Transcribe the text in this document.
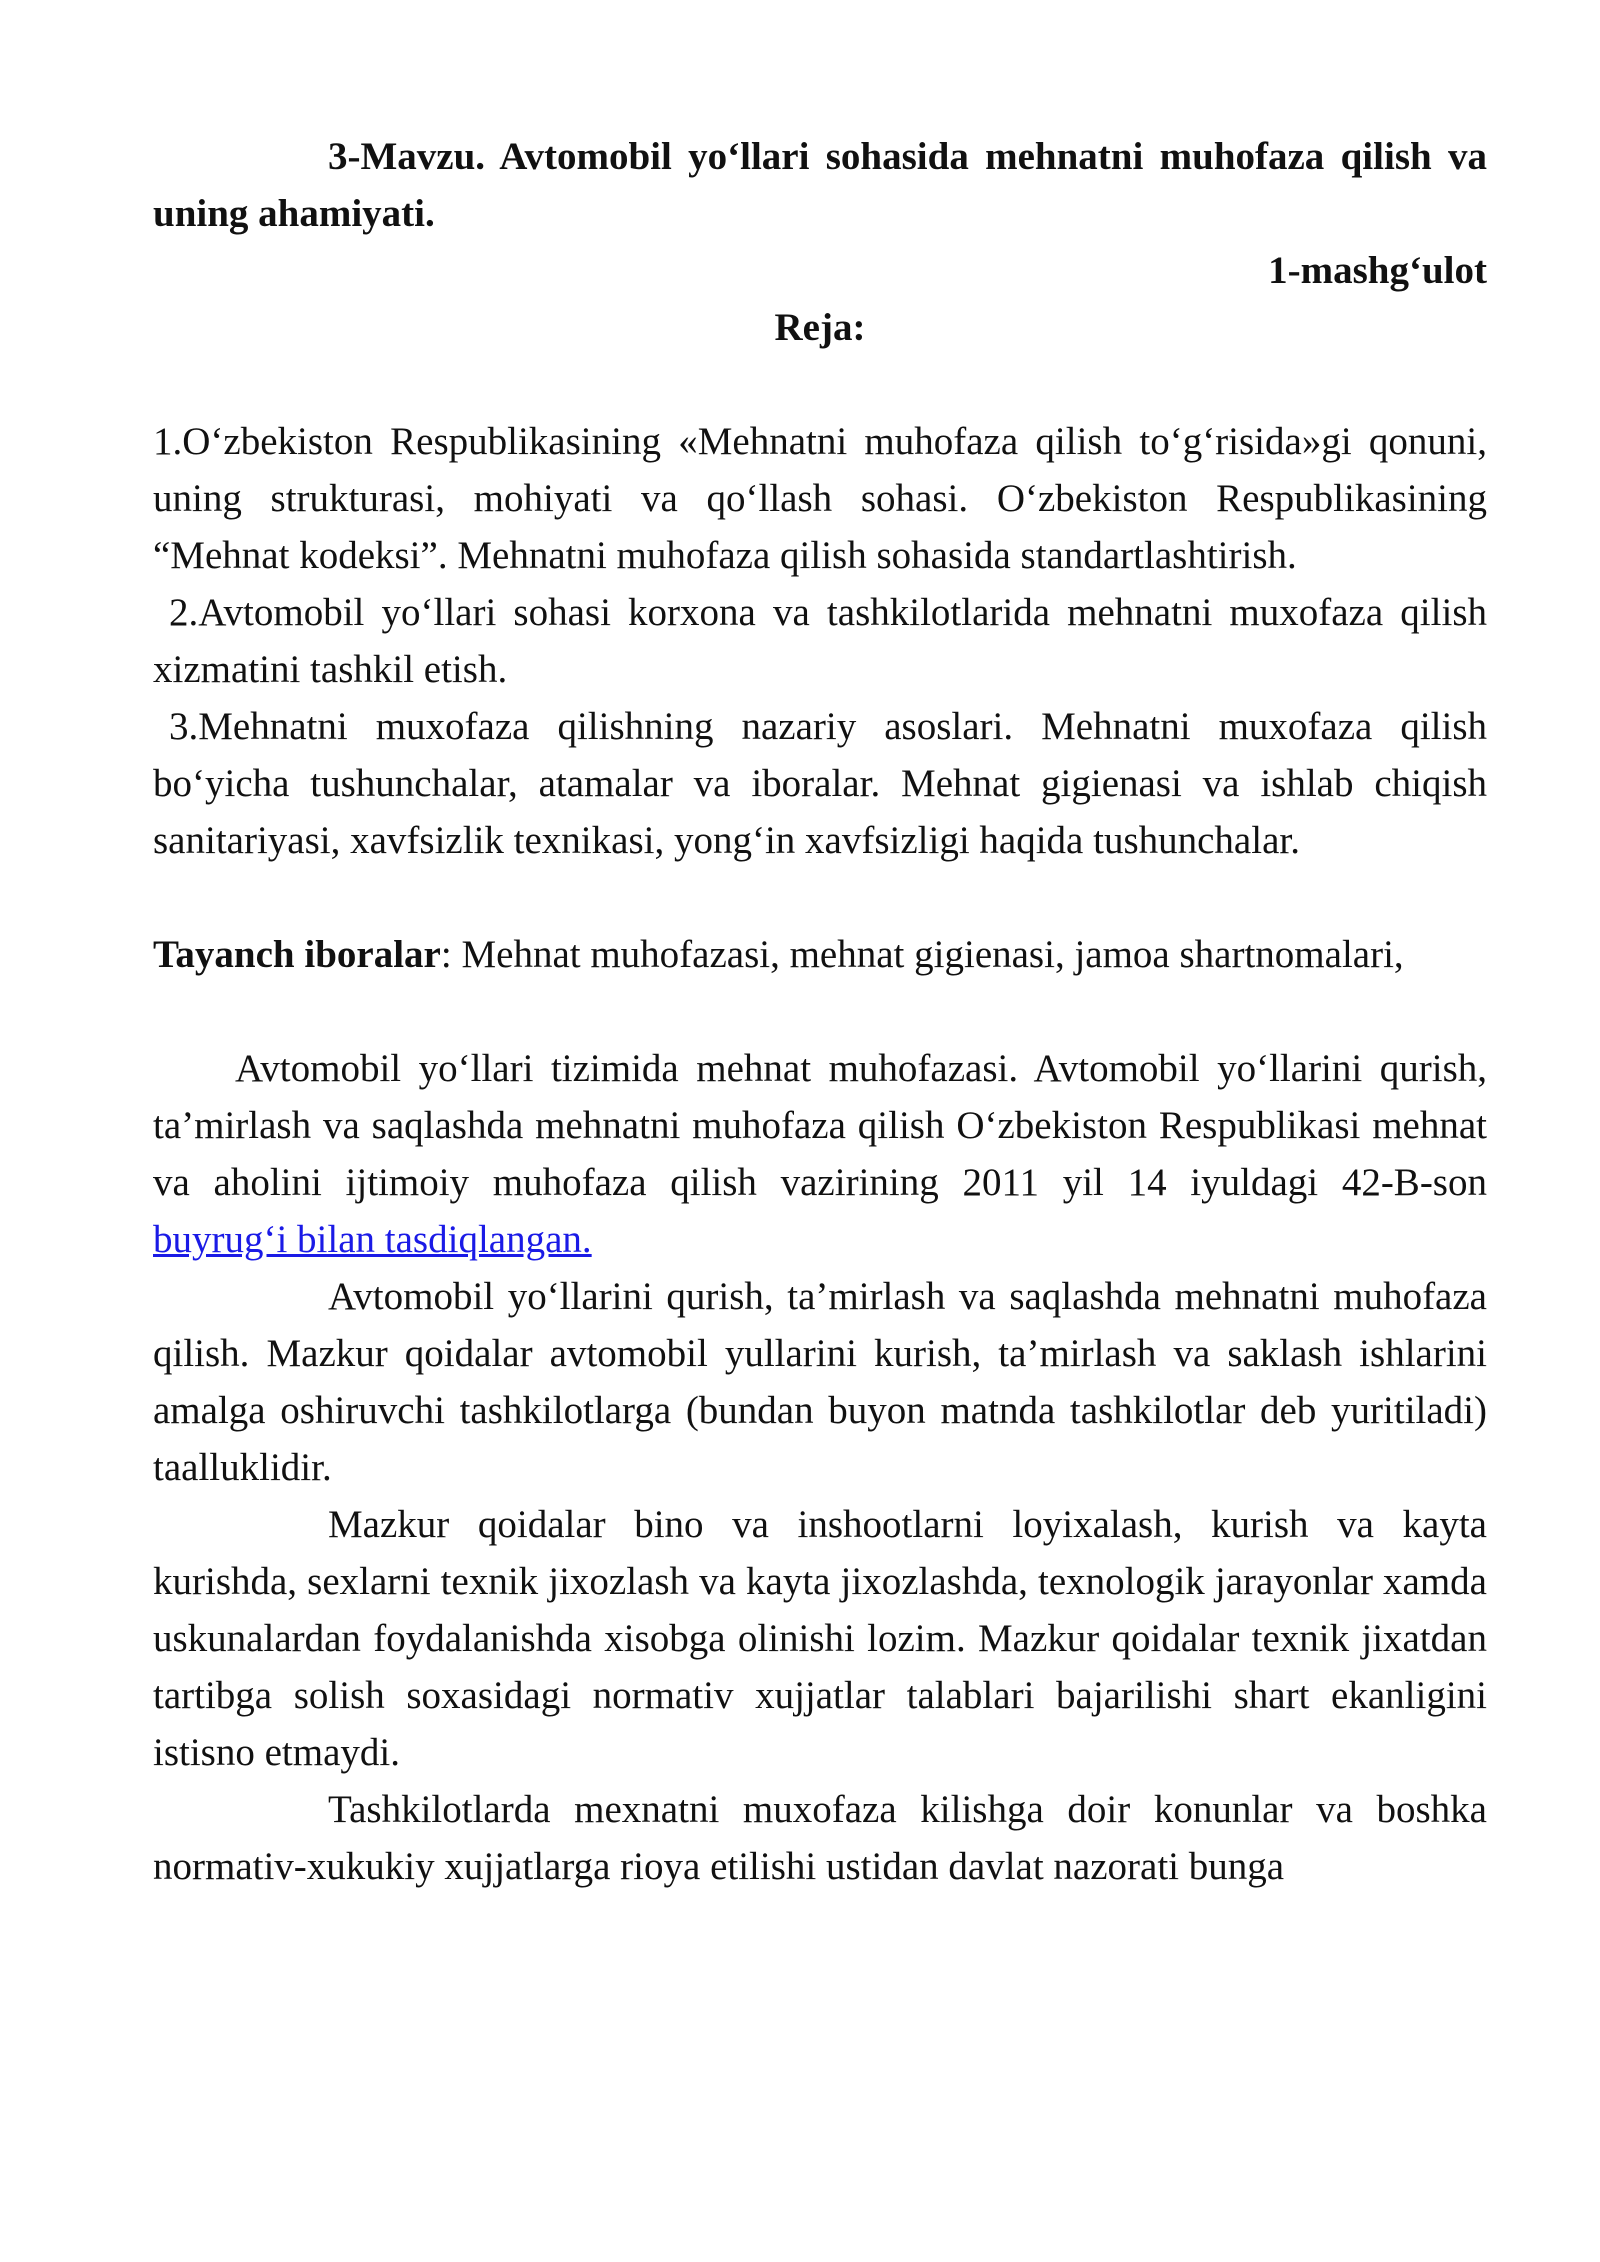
3-Mavzu. Avtomobil yo‘llari sohasida mehnatni muhofaza qilish va uning ahamiyati.

1-mashg‘ulot

Reja:

1.O‘zbekiston Respublikasining «Mehnatni muhofaza qilish to‘g‘risida»gi qonuni, uning strukturasi, mohiyati va qo‘llash sohasi. O‘zbekiston Respublikasining “Mehnat kodeksi”. Mehnatni muhofaza qilish sohasida standartlashtirish.

2.Avtomobil yo‘llari sohasi korxona va tashkilotlarida mehnatni muxofaza qilish xizmatini tashkil etish.

3.Mehnatni muxofaza qilishning nazariy asoslari. Mehnatni muxofaza qilish bo‘yicha tushunchalar, atamalar va iboralar. Mehnat gigienasi va ishlab chiqish sanitariyasi, xavfsizlik texnikasi, yong‘in xavfsizligi haqida tushunchalar.

Tayanch iboralar: Mehnat muhofazasi, mehnat gigienasi, jamoa shartnomalari,

Avtomobil yo‘llari tizimida mehnat muhofazasi. Avtomobil yo‘llarini qurish, ta’mirlash va saqlashda mehnatni muhofaza qilish O‘zbekiston Respublikasi mehnat va aholini ijtimoiy muhofaza qilish vazirining 2011 yil 14 iyuldagi 42-B-son buyrug‘i bilan tasdiqlangan.

Avtomobil yo‘llarini qurish, ta’mirlash va saqlashda mehnatni muhofaza qilish. Mazkur qoidalar avtomobil yullarini kurish, ta’mirlash va saklash ishlarini amalga oshiruvchi tashkilotlarga (bundan buyon matnda tashkilotlar deb yuritiladi) taalluklidir.

Mazkur qoidalar bino va inshootlarni loyixalash, kurish va kayta kurishda, sexlarni texnik jixozlash va kayta jixozlashda, texnologik jarayonlar xamda uskunalardan foydalanishda xisobga olinishi lozim. Mazkur qoidalar texnik jixatdan tartibga solish soxasidagi normativ xujjatlar talablari bajarilishi shart ekanligini istisno etmaydi.

Tashkilotlarda mexnatni muxofaza kilishga doir konunlar va boshka normativ-xukukiy xujjatlarga rioya etilishi ustidan davlat nazorati bunga
